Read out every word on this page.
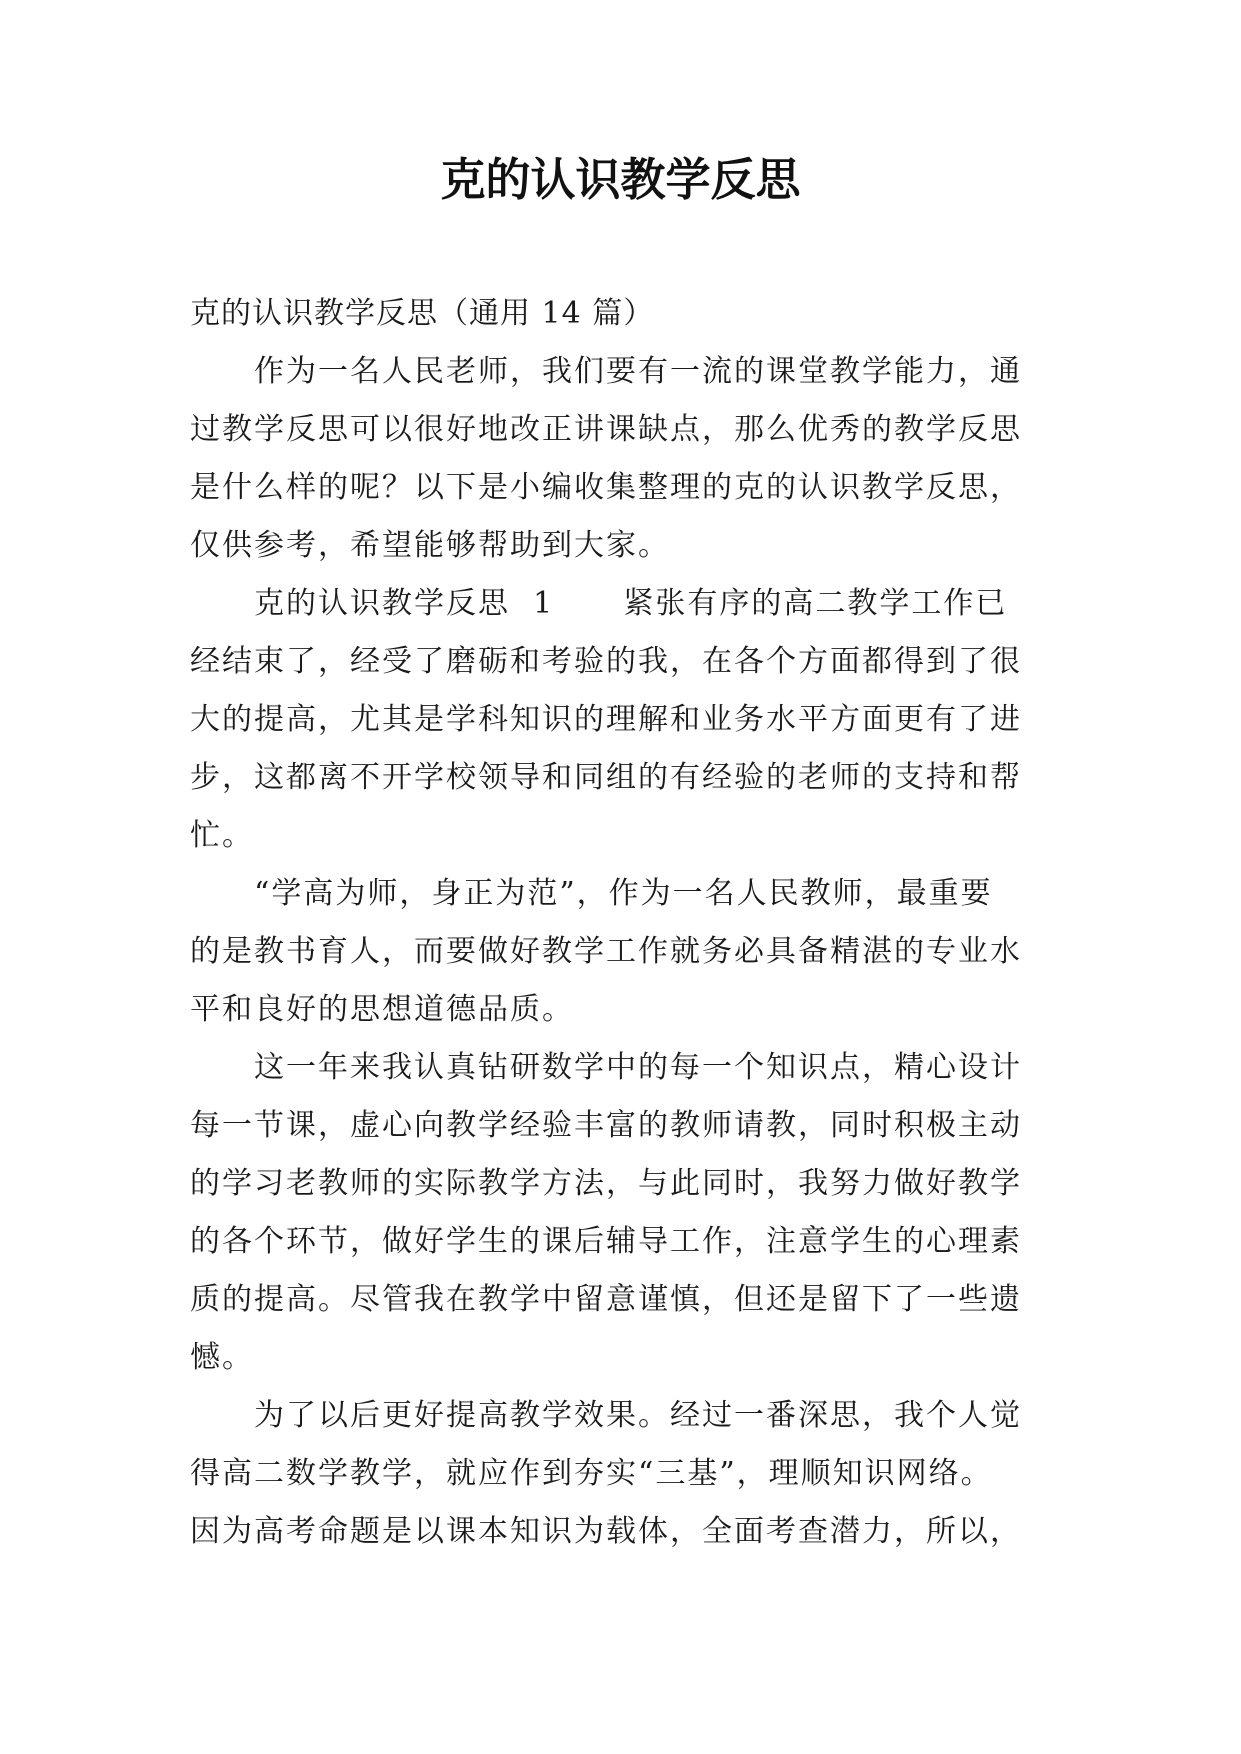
克的认识教学反思

克的认识教学反思（通用 14 篇）

作为一名人民老师，我们要有一流的课堂教学能力，通
过教学反思可以很好地改正讲课缺点，那么优秀的教学反思
是什么样的呢？以下是小编收集整理的克的认识教学反思，
仅供参考，希望能够帮助到大家。

克的认识教学反思  1      紧张有序的高二教学工作已
经结束了，经受了磨砺和考验的我，在各个方面都得到了很
大的提高，尤其是学科知识的理解和业务水平方面更有了进
步，这都离不开学校领导和同组的有经验的老师的支持和帮
忙。

“学高为师，身正为范”，作为一名人民教师，最重要
的是教书育人，而要做好教学工作就务必具备精湛的专业水
平和良好的思想道德品质。

这一年来我认真钻研数学中的每一个知识点，精心设计
每一节课，虚心向教学经验丰富的教师请教，同时积极主动
的学习老教师的实际教学方法，与此同时，我努力做好教学
的各个环节，做好学生的课后辅导工作，注意学生的心理素
质的提高。尽管我在教学中留意谨慎，但还是留下了一些遗
憾。

为了以后更好提高教学效果。经过一番深思，我个人觉
得高二数学教学，就应作到夯实“三基”，理顺知识网络。
因为高考命题是以课本知识为载体，全面考查潜力，所以，
